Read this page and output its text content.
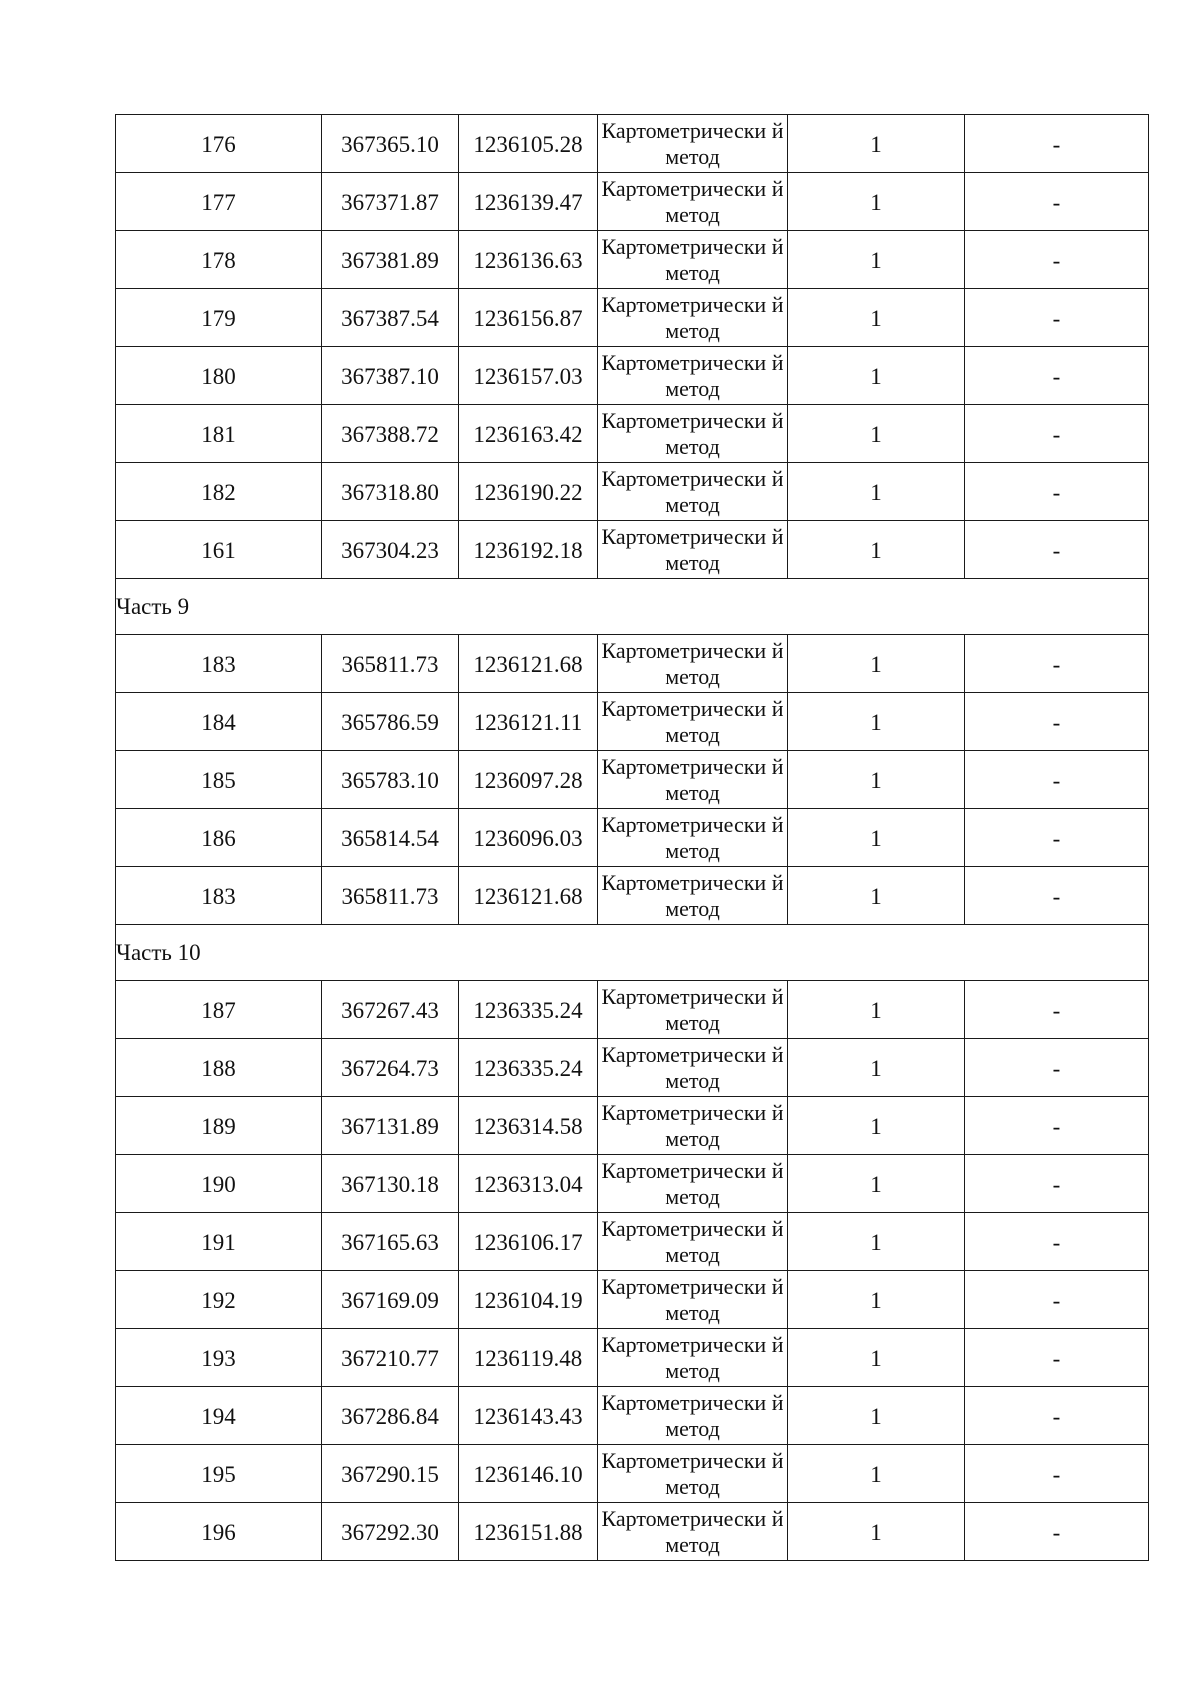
176	367365.10	1236105.28	Картометрически й метод	1	-
177	367371.87	1236139.47	Картометрически й метод	1	-
178	367381.89	1236136.63	Картометрически й метод	1	-
179	367387.54	1236156.87	Картометрически й метод	1	-
180	367387.10	1236157.03	Картометрически й метод	1	-
181	367388.72	1236163.42	Картометрически й метод	1	-
182	367318.80	1236190.22	Картометрически й метод	1	-
161	367304.23	1236192.18	Картометрически й метод	1	-
Часть 9					
183	365811.73	1236121.68	Картометрически й метод	1	-
184	365786.59	1236121.11	Картометрически й метод	1	-
185	365783.10	1236097.28	Картометрически й метод	1	-
186	365814.54	1236096.03	Картометрически й метод	1	-
183	365811.73	1236121.68	Картометрически й метод	1	-
Часть 10					
187	367267.43	1236335.24	Картометрически й метод	1	-
188	367264.73	1236335.24	Картометрически й метод	1	-
189	367131.89	1236314.58	Картометрически й метод	1	-
190	367130.18	1236313.04	Картометрически й метод	1	-
191	367165.63	1236106.17	Картометрически й метод	1	-
192	367169.09	1236104.19	Картометрически й метод	1	-
193	367210.77	1236119.48	Картометрически й метод	1	-
194	367286.84	1236143.43	Картометрически й метод	1	-
195	367290.15	1236146.10	Картометрически й метод	1	-
196	367292.30	1236151.88	Картометрически й метод	1	-
